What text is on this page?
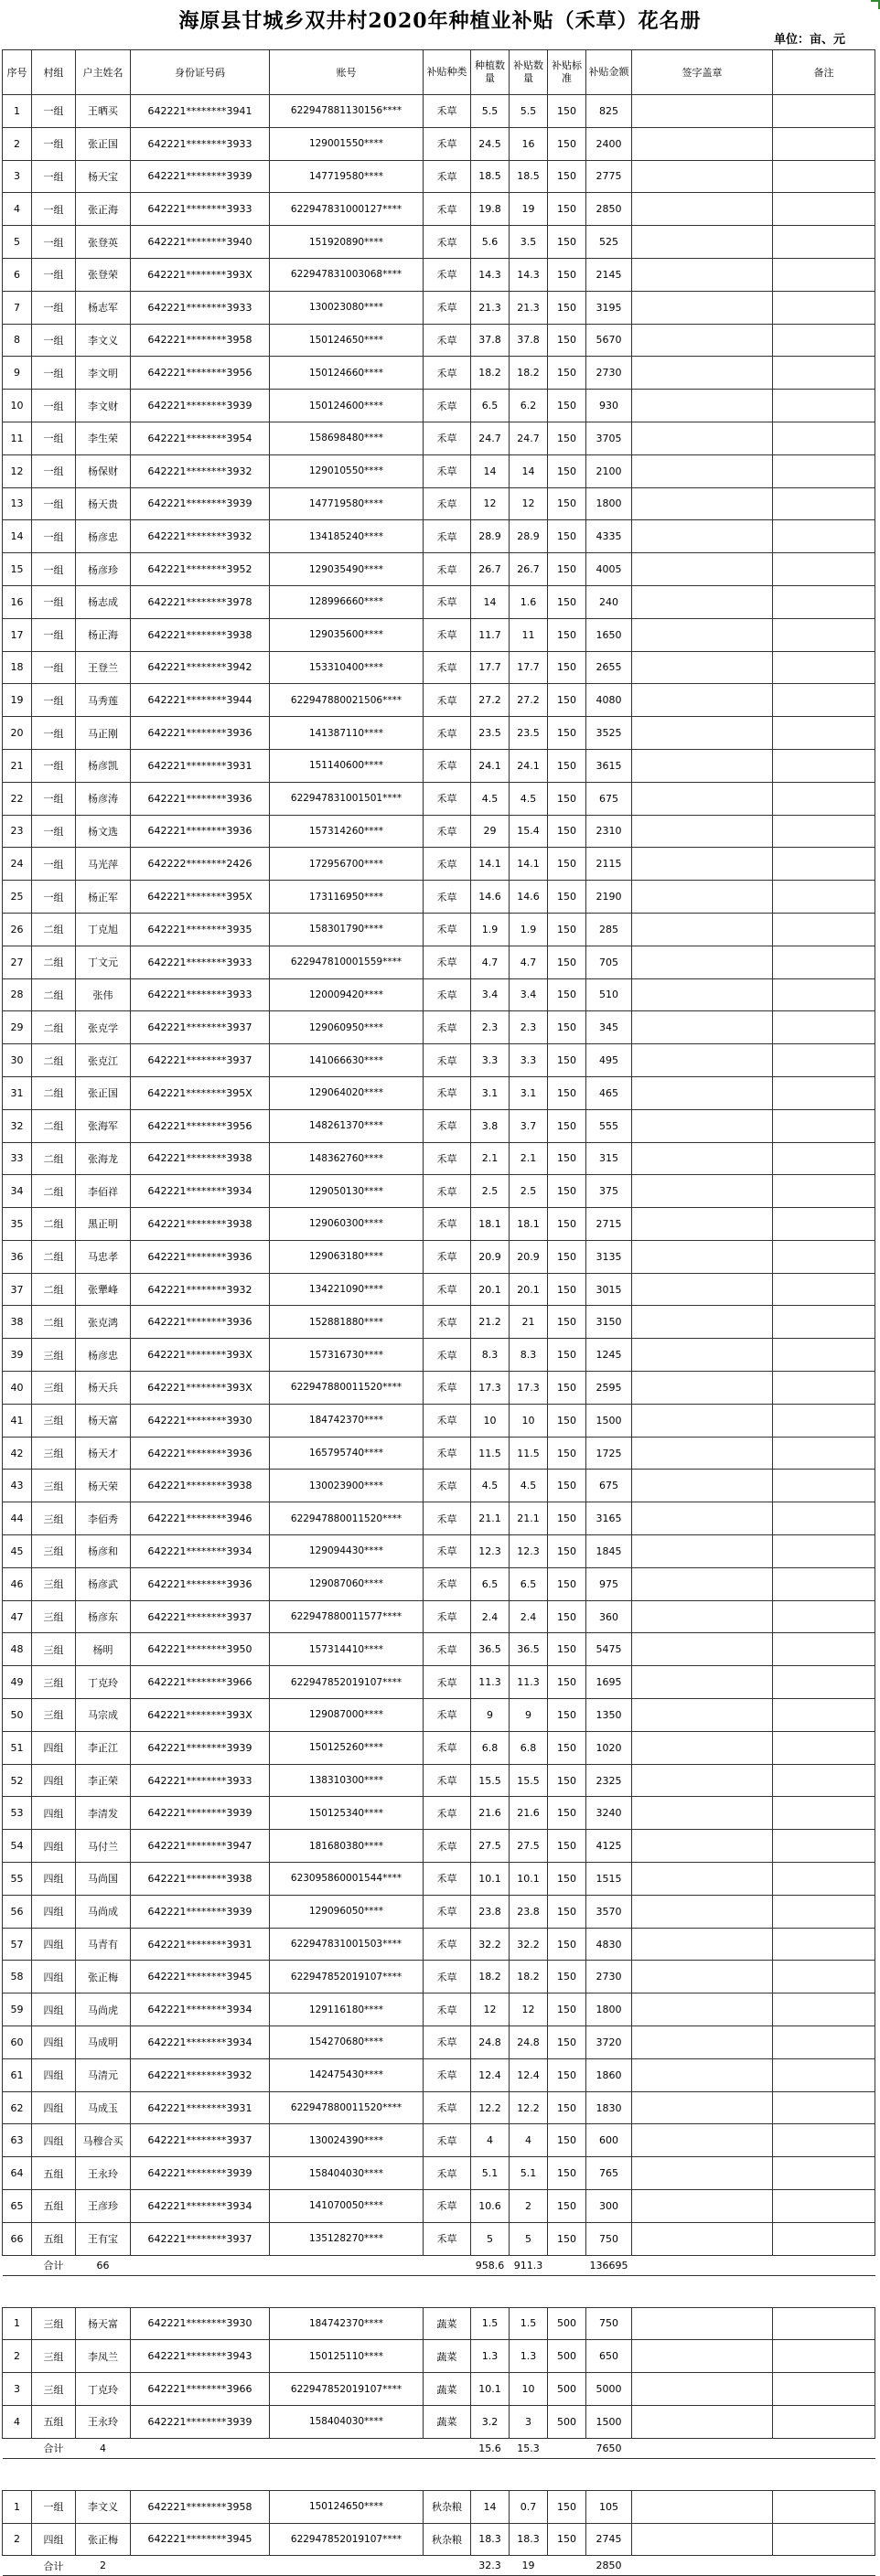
海原县甘城乡双井村2020年种植业补贴（禾草）花名册
单位：亩、元
序号	村组	户主姓名	身份证号码	账号	补贴种类	种植数量	补贴数量	补贴标准	补贴金额	签字盖章	备注
1	一组	王晒买	642221********3941	622947881130156****	禾草	5.5	5.5	150	825		
2	一组	张正国	642221********3933	129001550****	禾草	24.5	16	150	2400		
3	一组	杨天宝	642221********3939	147719580****	禾草	18.5	18.5	150	2775		
4	一组	张正海	642221********3933	622947831000127****	禾草	19.8	19	150	2850		
5	一组	张登英	642221********3940	151920890****	禾草	5.6	3.5	150	525		
6	一组	张登荣	642221********393X	622947831003068****	禾草	14.3	14.3	150	2145		
7	一组	杨志军	642221********3933	130023080****	禾草	21.3	21.3	150	3195		
8	一组	李文义	642221********3958	150124650****	禾草	37.8	37.8	150	5670		
9	一组	李文明	642221********3956	150124660****	禾草	18.2	18.2	150	2730		
10	一组	李文财	642221********3939	150124600****	禾草	6.5	6.2	150	930		
11	一组	李生荣	642221********3954	158698480****	禾草	24.7	24.7	150	3705		
12	一组	杨保财	642221********3932	129010550****	禾草	14	14	150	2100		
13	一组	杨天贵	642221********3939	147719580****	禾草	12	12	150	1800		
14	一组	杨彦忠	642221********3932	134185240****	禾草	28.9	28.9	150	4335		
15	一组	杨彦珍	642221********3952	129035490****	禾草	26.7	26.7	150	4005		
16	一组	杨志成	642221********3978	128996660****	禾草	14	1.6	150	240		
17	一组	杨正海	642221********3938	129035600****	禾草	11.7	11	150	1650		
18	一组	王登兰	642221********3942	153310400****	禾草	17.7	17.7	150	2655		
19	一组	马秀莲	642221********3944	622947880021506****	禾草	27.2	27.2	150	4080		
20	一组	马正刚	642221********3936	141387110****	禾草	23.5	23.5	150	3525		
21	一组	杨彦凯	642221********3931	151140600****	禾草	24.1	24.1	150	3615		
22	一组	杨彦涛	642221********3936	622947831001501****	禾草	4.5	4.5	150	675		
23	一组	杨文选	642221********3936	157314260****	禾草	29	15.4	150	2310		
24	一组	马光萍	642222********2426	172956700****	禾草	14.1	14.1	150	2115		
25	一组	杨正军	642221********395X	173116950****	禾草	14.6	14.6	150	2190		
26	二组	丁克旭	642221********3935	158301790****	禾草	1.9	1.9	150	285		
27	二组	丁文元	642221********3933	622947810001559****	禾草	4.7	4.7	150	705		
28	二组	张伟	642221********3933	120009420****	禾草	3.4	3.4	150	510		
29	二组	张克学	642221********3937	129060950****	禾草	2.3	2.3	150	345		
30	二组	张克江	642221********3937	141066630****	禾草	3.3	3.3	150	495		
31	二组	张正国	642221********395X	129064020****	禾草	3.1	3.1	150	465		
32	二组	张海军	642221********3956	148261370****	禾草	3.8	3.7	150	555		
33	二组	张海龙	642221********3938	148362760****	禾草	2.1	2.1	150	315		
34	二组	李佰祥	642221********3934	129050130****	禾草	2.5	2.5	150	375		
35	二组	黑正明	642221********3938	129060300****	禾草	18.1	18.1	150	2715		
36	二组	马忠孝	642221********3936	129063180****	禾草	20.9	20.9	150	3135		
37	二组	张犟峰	642221********3932	134221090****	禾草	20.1	20.1	150	3015		
38	二组	张克鸿	642221********3936	152881880****	禾草	21.2	21	150	3150		
39	三组	杨彦忠	642221********393X	157316730****	禾草	8.3	8.3	150	1245		
40	三组	杨天兵	642221********393X	622947880011520****	禾草	17.3	17.3	150	2595		
41	三组	杨天富	642221********3930	184742370****	禾草	10	10	150	1500		
42	三组	杨天才	642221********3936	165795740****	禾草	11.5	11.5	150	1725		
43	三组	杨天荣	642221********3938	130023900****	禾草	4.5	4.5	150	675		
44	三组	李佰秀	642221********3946	622947880011520****	禾草	21.1	21.1	150	3165		
45	三组	杨彦和	642221********3934	129094430****	禾草	12.3	12.3	150	1845		
46	三组	杨彦武	642221********3936	129087060****	禾草	6.5	6.5	150	975		
47	三组	杨彦东	642221********3937	622947880011577****	禾草	2.4	2.4	150	360		
48	三组	杨明	642221********3950	157314410****	禾草	36.5	36.5	150	5475		
49	三组	丁克玲	642221********3966	622947852019107****	禾草	11.3	11.3	150	1695		
50	三组	马宗成	642221********393X	129087000****	禾草	9	9	150	1350		
51	四组	李正江	642221********3939	150125260****	禾草	6.8	6.8	150	1020		
52	四组	李正荣	642221********3933	138310300****	禾草	15.5	15.5	150	2325		
53	四组	李清发	642221********3939	150125340****	禾草	21.6	21.6	150	3240		
54	四组	马付兰	642221********3947	181680380****	禾草	27.5	27.5	150	4125		
55	四组	马尚国	642221********3938	623095860001544****	禾草	10.1	10.1	150	1515		
56	四组	马尚成	642221********3939	129096050****	禾草	23.8	23.8	150	3570		
57	四组	马青有	642221********3931	622947831001503****	禾草	32.2	32.2	150	4830		
58	四组	张正梅	642221********3945	622947852019107****	禾草	18.2	18.2	150	2730		
59	四组	马尚虎	642221********3934	129116180****	禾草	12	12	150	1800		
60	四组	马成明	642221********3934	154270680****	禾草	24.8	24.8	150	3720		
61	四组	马清元	642221********3932	142475430****	禾草	12.4	12.4	150	1860		
62	四组	马成玉	642221********3931	622947880011520****	禾草	12.2	12.2	150	1830		
63	四组	马穆合买	642221********3937	130024390****	禾草	4	4	150	600		
64	五组	王永玲	642221********3939	158404030****	禾草	5.1	5.1	150	765		
65	五组	王彦珍	642221********3934	141070050****	禾草	10.6	2	150	300		
66	五组	王有宝	642221********3937	135128270****	禾草	5	5	150	750		
	合计	66				958.6	911.3		136695		

1	三组	杨天富	642221********3930	184742370****	蔬菜	1.5	1.5	500	750		
2	三组	李凤兰	642221********3943	150125110****	蔬菜	1.3	1.3	500	650		
3	三组	丁克玲	642221********3966	622947852019107****	蔬菜	10.1	10	500	5000		
4	五组	王永玲	642221********3939	158404030****	蔬菜	3.2	3	500	1500		
	合计	4				15.6	15.3		7650		

1	一组	李文义	642221********3958	150124650****	秋杂粮	14	0.7	150	105		
2	四组	张正梅	642221********3945	622947852019107****	秋杂粮	18.3	18.3	150	2745		
	合计	2				32.3	19		2850		
